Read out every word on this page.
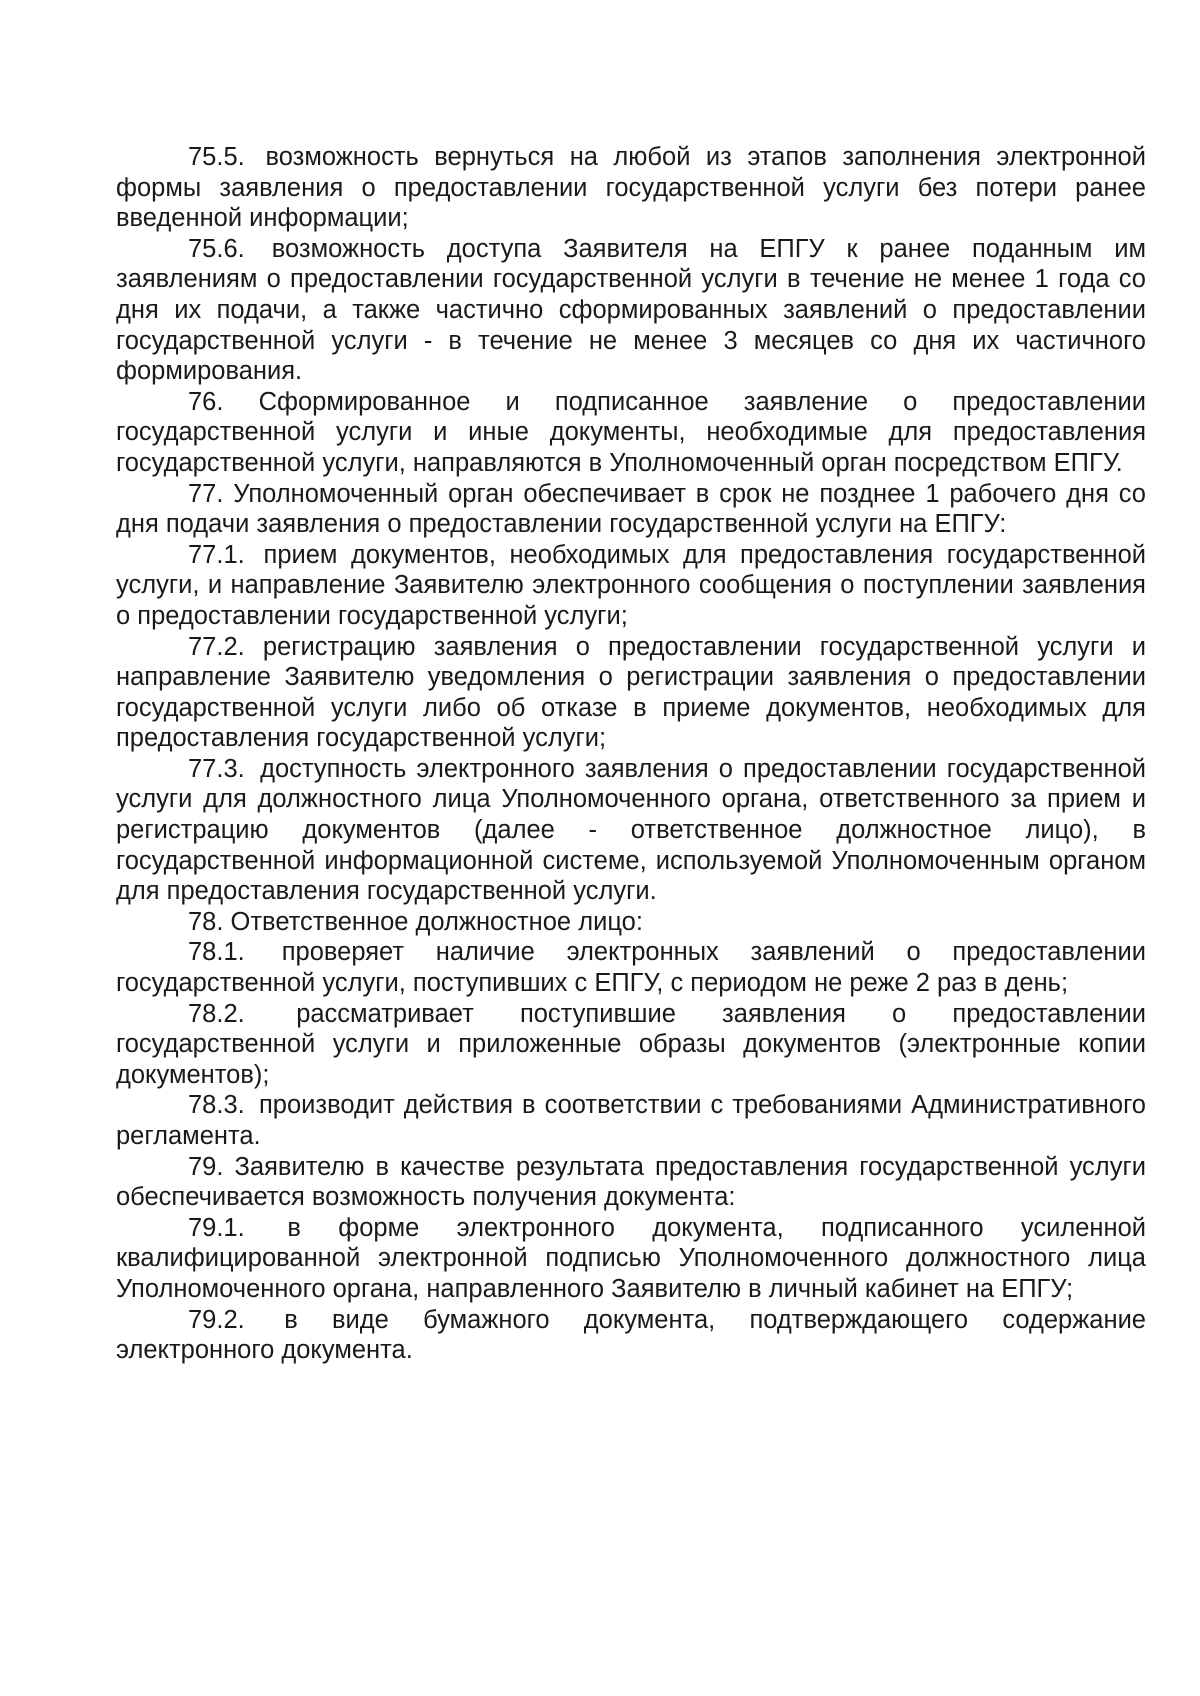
75.5. возможность вернуться на любой из этапов заполнения электронной формы заявления о предоставлении государственной услуги без потери ранее введенной информации;

75.6. возможность доступа Заявителя на ЕПГУ к ранее поданным им заявлениям о предоставлении государственной услуги в течение не менее 1 года со дня их подачи, а также частично сформированных заявлений о предоставлении государственной услуги - в течение не менее 3 месяцев со дня их частичного формирования.

76. Сформированное и подписанное заявление о предоставлении государственной услуги и иные документы, необходимые для предоставления государственной услуги, направляются в Уполномоченный орган посредством ЕПГУ.

77. Уполномоченный орган обеспечивает в срок не позднее 1 рабочего дня со дня подачи заявления о предоставлении государственной услуги на ЕПГУ:

77.1. прием документов, необходимых для предоставления государственной услуги, и направление Заявителю электронного сообщения о поступлении заявления о предоставлении государственной услуги;

77.2. регистрацию заявления о предоставлении государственной услуги и направление Заявителю уведомления о регистрации заявления о предоставлении государственной услуги либо об отказе в приеме документов, необходимых для предоставления государственной услуги;

77.3. доступность электронного заявления о предоставлении государственной услуги для должностного лица Уполномоченного органа, ответственного за прием и регистрацию документов (далее - ответственное должностное лицо), в государственной информационной системе, используемой Уполномоченным органом для предоставления государственной услуги.

78. Ответственное должностное лицо:

78.1. проверяет наличие электронных заявлений о предоставлении государственной услуги, поступивших с ЕПГУ, с периодом не реже 2 раз в день;

78.2. рассматривает поступившие заявления о предоставлении государственной услуги и приложенные образы документов (электронные копии документов);

78.3. производит действия в соответствии с требованиями Административного регламента.

79. Заявителю в качестве результата предоставления государственной услуги обеспечивается возможность получения документа:

79.1. в форме электронного документа, подписанного усиленной квалифицированной электронной подписью Уполномоченного должностного лица Уполномоченного органа, направленного Заявителю в личный кабинет на ЕПГУ;

79.2. в виде бумажного документа, подтверждающего содержание электронного документа.
